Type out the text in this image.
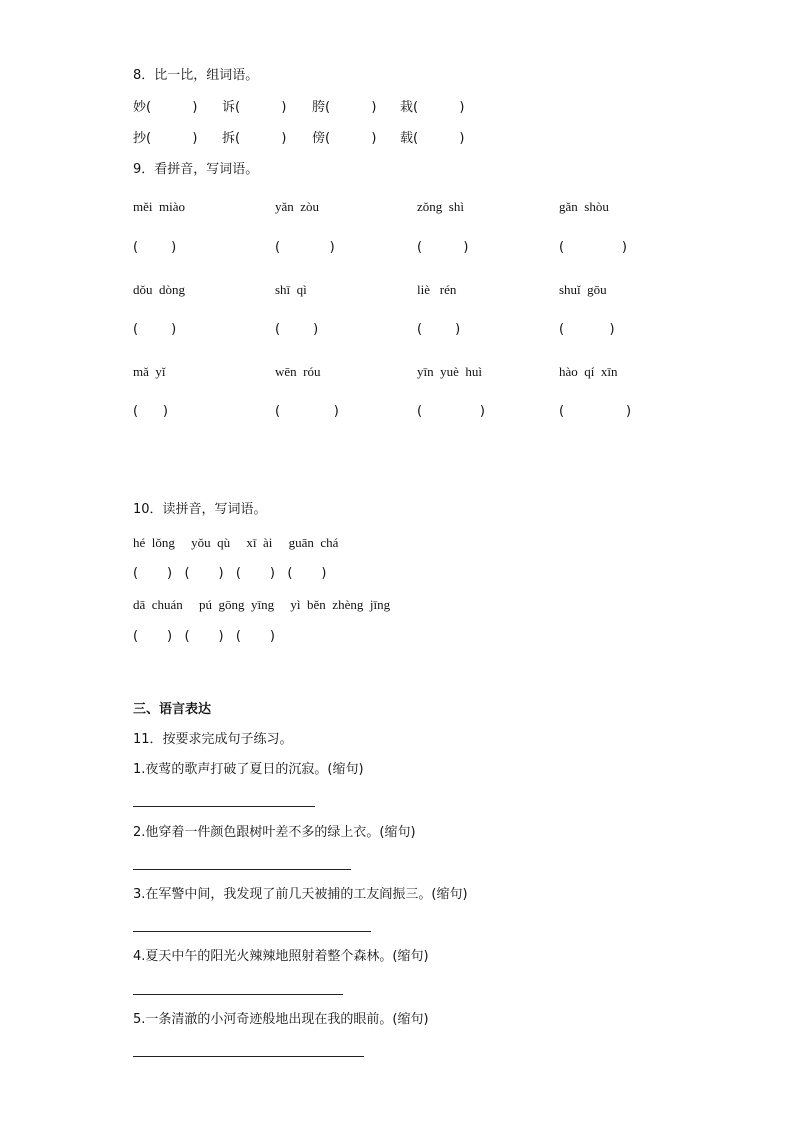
8．比一比，组词语。
妙(          ) 诉(          ) 胯(          ) 栽(          )
抄(          ) 拆(          ) 傍(          ) 载(          )
9．看拼音，写词语。
měi  miào	yǎn  zòu	zǒng  shì	gǎn  shòu
(        )	(            )	(          )	(              )
dǒu  dòng	shī  qì	liè   rén	shuǐ  gōu
(        )	(        )	(        )	(           )
mǎ  yǐ	wēn  róu	yīn  yuè  huì	hào  qí  xīn
(      )	(             )	(              )	(               )
10．读拼音，写词语。
hé  lǒng     yǒu  qù     xī  ài     guān  chá
(       )   (       )   (       )   (       )
dā  chuán     pú  gōng  yīng     yì  běn  zhèng  jīng
(       )   (       )   (       )
三、语言表达
11．按要求完成句子练习。
1.夜莺的歌声打破了夏日的沉寂。(缩句)
2.他穿着一件颜色跟树叶差不多的绿上衣。(缩句)
3.在军警中间，我发现了前几天被捕的工友阎振三。(缩句)
4.夏天中午的阳光火辣辣地照射着整个森林。(缩句)
5.一条清澈的小河奇迹般地出现在我的眼前。(缩句)
